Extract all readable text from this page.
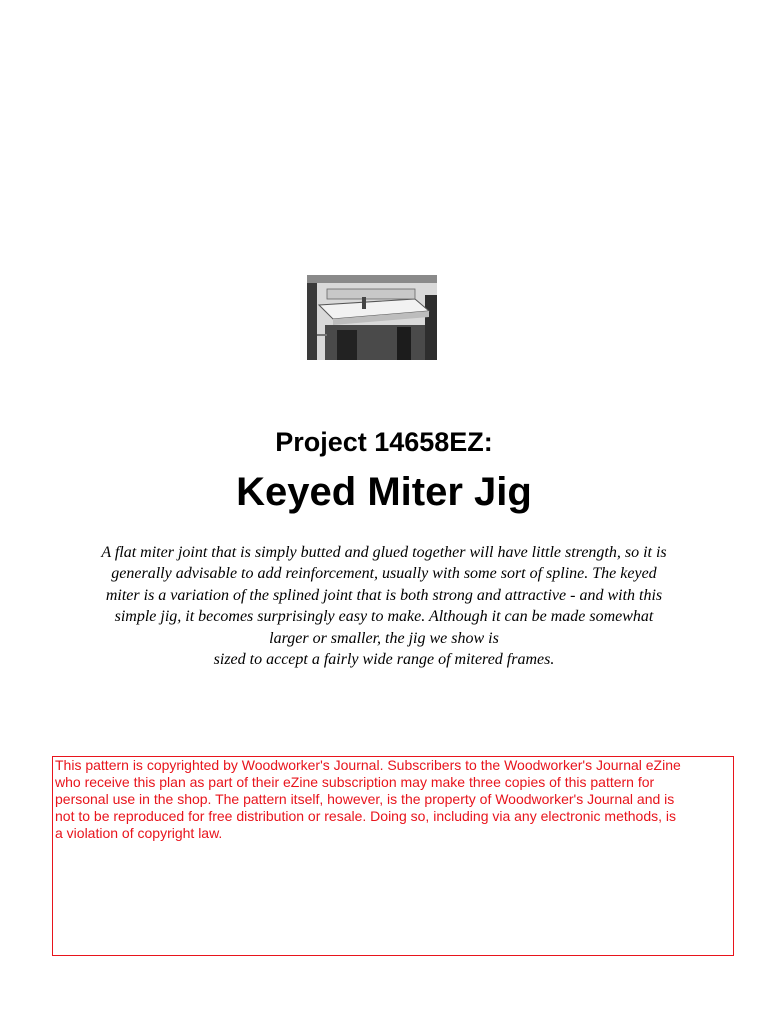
Project 14658EZ:
Keyed Miter Jig
A flat miter joint that is simply butted and glued together will have little strength, so it is
generally advisable to add reinforcement, usually with some sort of spline. The keyed
miter is a variation of the splined joint that is both strong and attractive - and with this
simple jig, it becomes surprisingly easy to make. Although it can be made somewhat
larger or smaller, the jig we show is
sized to accept a fairly wide range of mitered frames.
This pattern is copyrighted by Woodworker's Journal. Subscribers to the Woodworker's Journal eZine
who receive this plan as part of their eZine subscription may make three copies of this pattern for
personal use in the shop. The pattern itself, however, is the property of Woodworker's Journal and is
not to be reproduced for free distribution or resale. Doing so, including via any electronic methods, is
a violation of copyright law.
